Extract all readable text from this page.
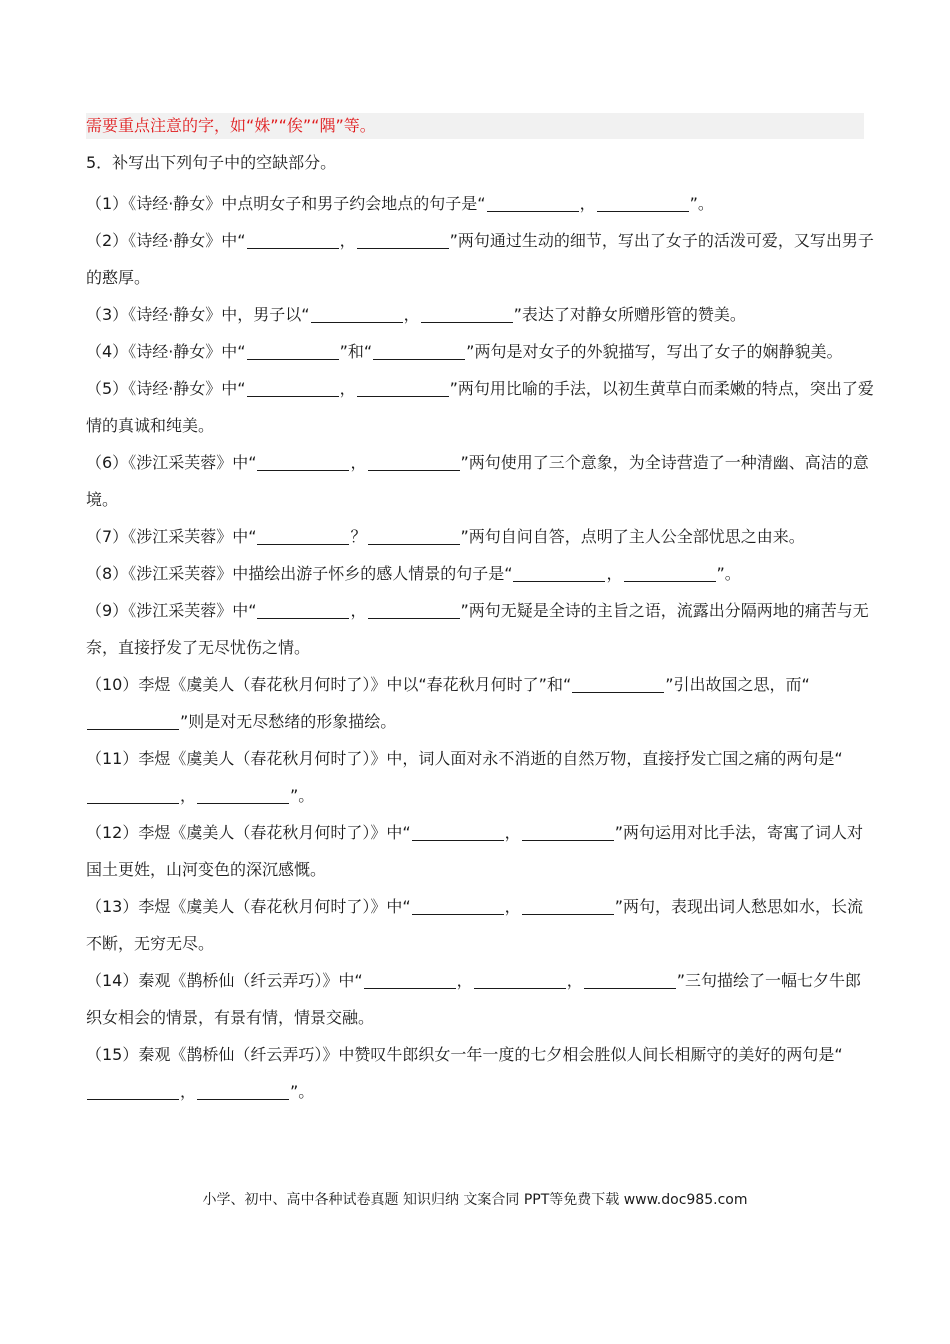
需要重点注意的字，如“姝”“俟”“隅”等。
5．补写出下列句子中的空缺部分。

（1）《诗经·静女》中点明女子和男子约会地点的句子是“	，	”。

（2）《诗经·静女》中“	，	”两句通过生动的细节，写出了女子的活泼可爱，又写出男子的憨厚。

（3）《诗经·静女》中，男子以“	，	”表达了对静女所赠彤管的赞美。

（4）《诗经·静女》中“	”和“	”两句是对女子的外貌描写，写出了女子的娴静貌美。

（5）《诗经·静女》中“	，	”两句用比喻的手法，以初生黄草白而柔嫩的特点，突出了爱情的真诚和纯美。

（6）《涉江采芙蓉》中“	，	”两句使用了三个意象，为全诗营造了一种清幽、高洁的意境。

（7）《涉江采芙蓉》中“	？	”两句自问自答，点明了主人公全部忧思之由来。

（8）《涉江采芙蓉》中描绘出游子怀乡的感人情景的句子是“	，	”。

（9）《涉江采芙蓉》中“	，	”两句无疑是全诗的主旨之语，流露出分隔两地的痛苦与无奈，直接抒发了无尽忧伤之情。

（10）李煜《虞美人（春花秋月何时了）》中以“春花秋月何时了”和“	”引出故国之思，而“”则是对无尽愁绪的形象描绘。

（11）李煜《虞美人（春花秋月何时了）》中，词人面对永不消逝的自然万物，直接抒发亡国之痛的两句是“，	”。

（12）李煜《虞美人（春花秋月何时了）》中“	，	”两句运用对比手法，寄寓了词人对国土更姓，山河变色的深沉感慨。

（13）李煜《虞美人（春花秋月何时了）》中“	，	”两句，表现出词人愁思如水，长流不断，无穷无尽。

（14）秦观《鹊桥仙（纤云弄巧）》中“	，	，	”三句描绘了一幅七夕牛郎织女相会的情景，有景有情，情景交融。

（15）秦观《鹊桥仙（纤云弄巧）》中赞叹牛郎织女一年一度的七夕相会胜似人间长相厮守的美好的两句是“，	”。

小学、初中、高中各种试卷真题 知识归纳 文案合同 PPT等免费下载 www.doc985.com
